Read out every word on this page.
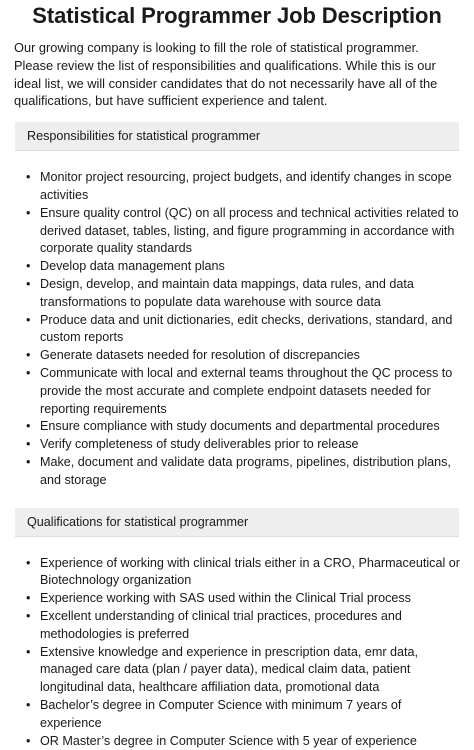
Statistical Programmer Job Description

Our growing company is looking to fill the role of statistical programmer. Please review the list of responsibilities and qualifications. While this is our ideal list, we will consider candidates that do not necessarily have all of the qualifications, but have sufficient experience and talent.

Responsibilities for statistical programmer
• Monitor project resourcing, project budgets, and identify changes in scope activities
• Ensure quality control (QC) on all process and technical activities related to derived dataset, tables, listing, and figure programming in accordance with corporate quality standards
• Develop data management plans
• Design, develop, and maintain data mappings, data rules, and data transformations to populate data warehouse with source data
• Produce data and unit dictionaries, edit checks, derivations, standard, and custom reports
• Generate datasets needed for resolution of discrepancies
• Communicate with local and external teams throughout the QC process to provide the most accurate and complete endpoint datasets needed for reporting requirements
• Ensure compliance with study documents and departmental procedures
• Verify completeness of study deliverables prior to release
• Make, document and validate data programs, pipelines, distribution plans, and storage
Qualifications for statistical programmer
• Experience of working with clinical trials either in a CRO, Pharmaceutical or Biotechnology organization
• Experience working with SAS used within the Clinical Trial process
• Excellent understanding of clinical trial practices, procedures and methodologies is preferred
• Extensive knowledge and experience in prescription data, emr data, managed care data (plan / payer data), medical claim data, patient longitudinal data, healthcare affiliation data, promotional data
• Bachelor’s degree in Computer Science with minimum 7 years of experience
• OR Master’s degree in Computer Science with 5 year of experience
